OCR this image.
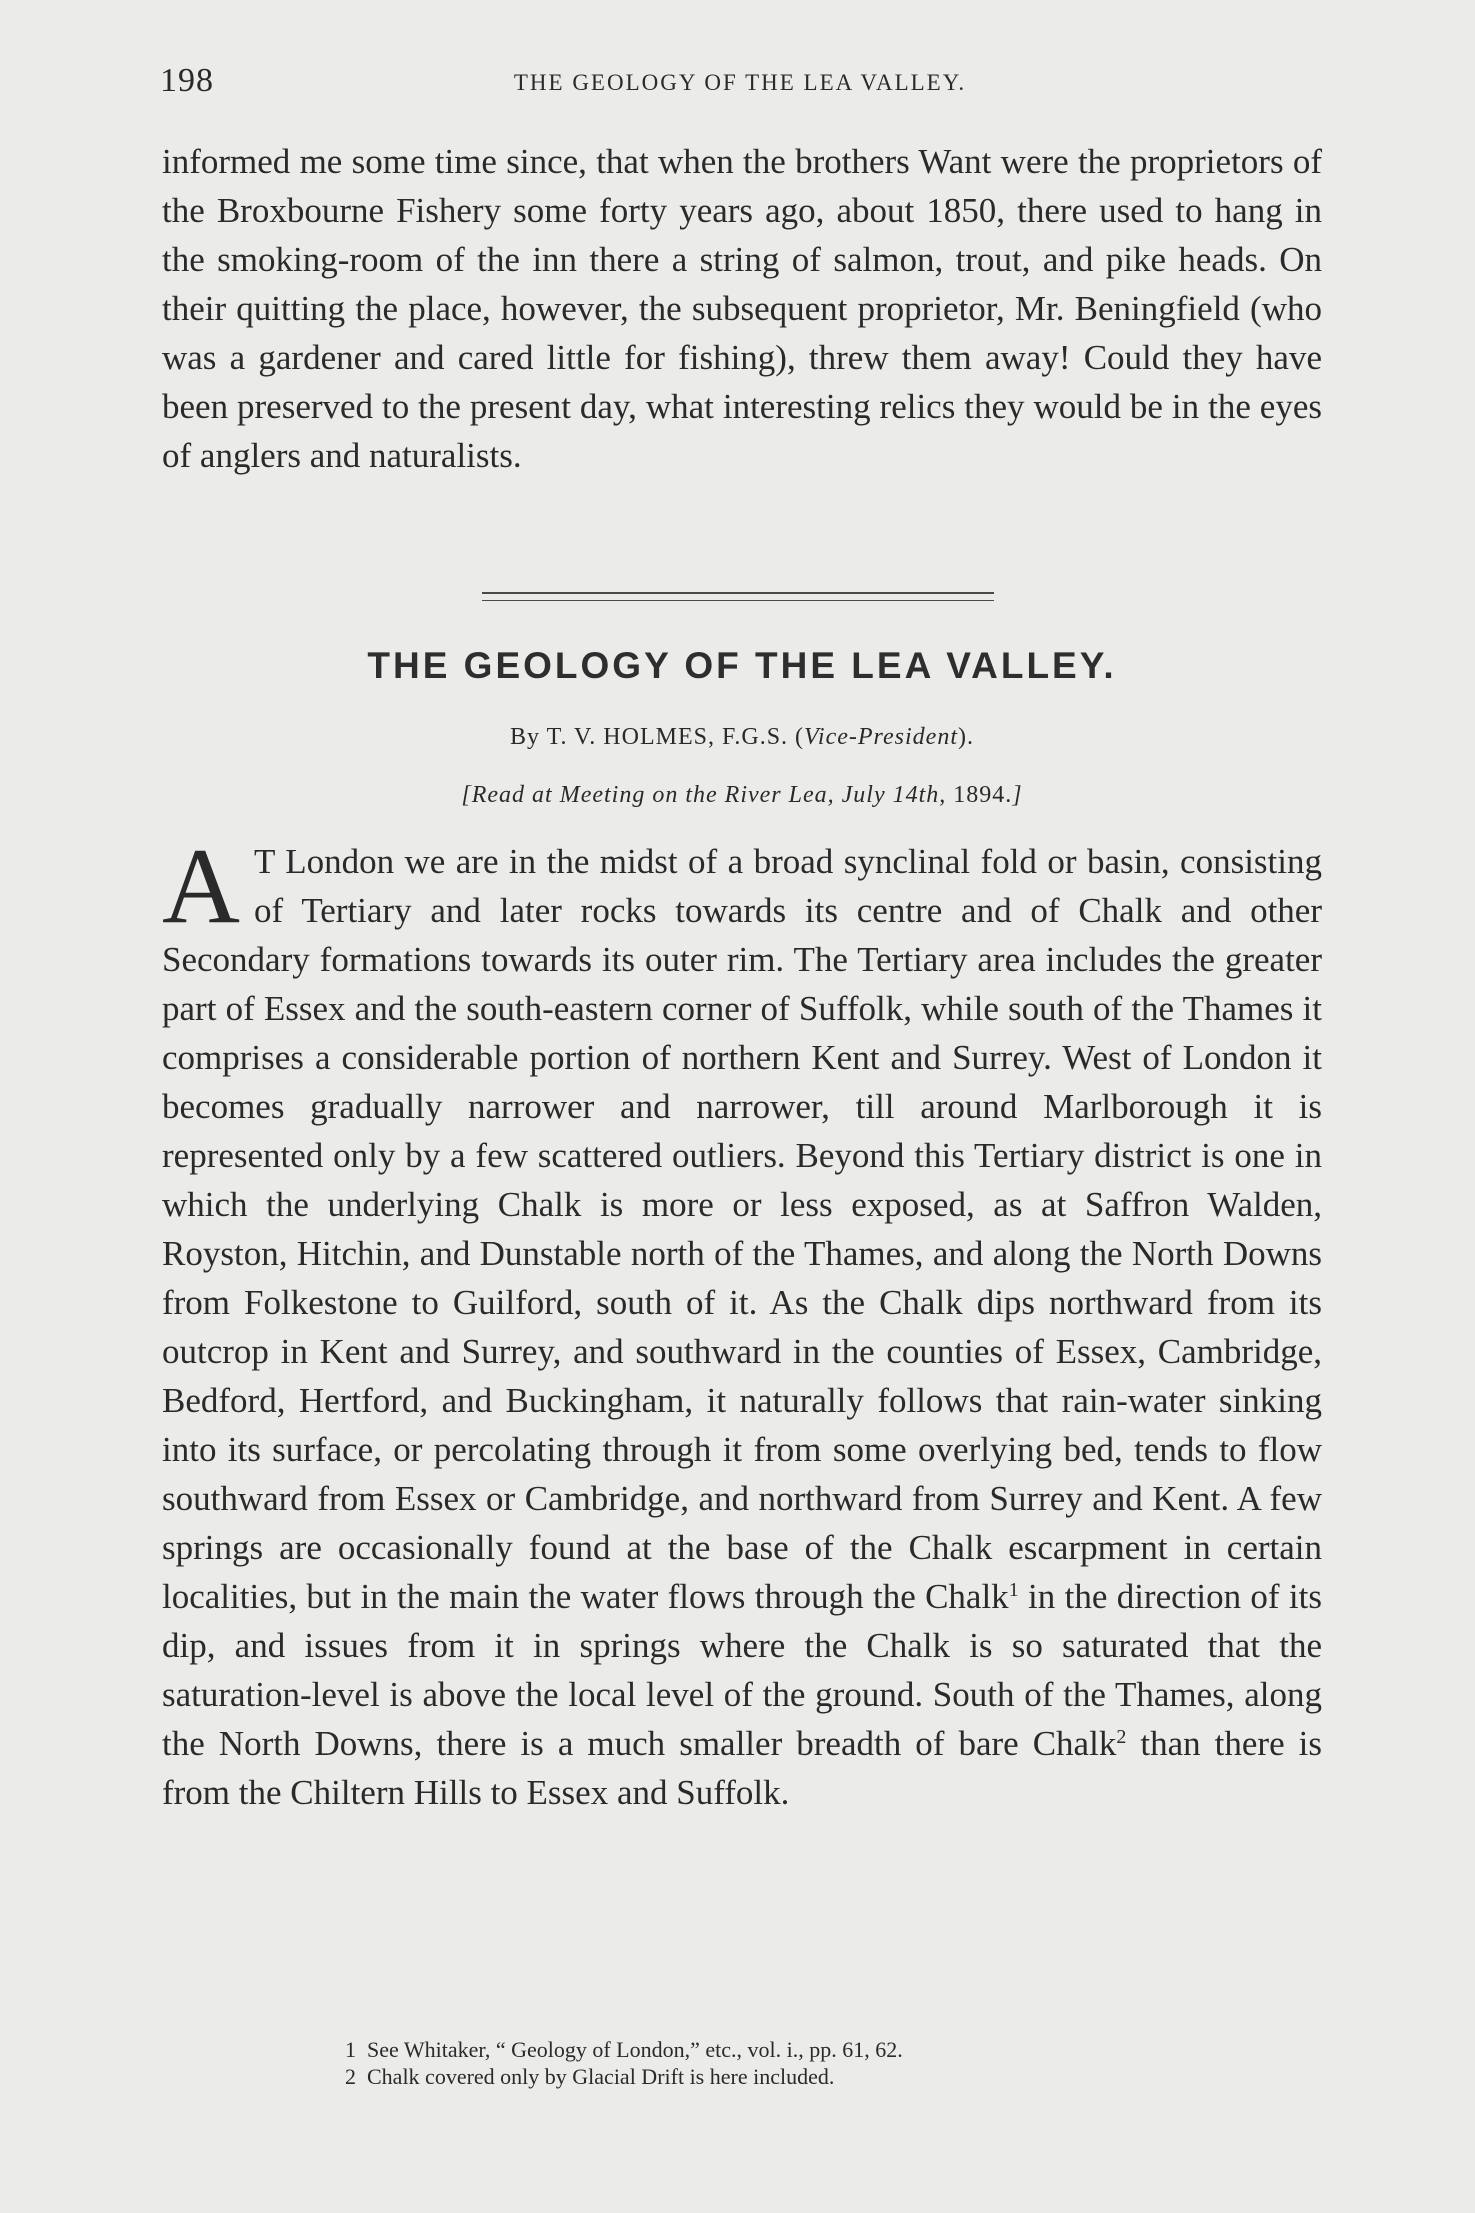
198	THE GEOLOGY OF THE LEA VALLEY.

informed me some time since, that when the brothers Want were the proprietors of the Broxbourne Fishery some forty years ago, about 1850, there used to hang in the smoking-room of the inn there a string of salmon, trout, and pike heads. On their quitting the place, however, the subsequent proprietor, Mr. Beningfield (who was a gardener and cared little for fishing), threw them away! Could they have been preserved to the present day, what interesting relics they would be in the eyes of anglers and naturalists.

THE GEOLOGY OF THE LEA VALLEY.
By T. V. HOLMES, F.G.S. (Vice-President).
[Read at Meeting on the River Lea, July 14th, 1894.]

A T London we are in the midst of a broad synclinal fold or basin, consisting of Tertiary and later rocks towards its centre and of Chalk and other Secondary formations towards its outer rim. The Tertiary area includes the greater part of Essex and the south-eastern corner of Suffolk, while south of the Thames it comprises a considerable portion of northern Kent and Surrey. West of London it becomes gradually narrower and narrower, till around Marlborough it is represented only by a few scattered outliers. Beyond this Tertiary district is one in which the underlying Chalk is more or less exposed, as at Saffron Walden, Royston, Hitchin, and Dunstable north of the Thames, and along the North Downs from Folkestone to Guilford, south of it. As the Chalk dips northward from its outcrop in Kent and Surrey, and southward in the counties of Essex, Cambridge, Bedford, Hertford, and Buckingham, it naturally follows that rain-water sinking into its surface, or percolating through it from some overlying bed, tends to flow southward from Essex or Cambridge, and northward from Surrey and Kent. A few springs are occasionally found at the base of the Chalk escarpment in certain localities, but in the main the water flows through the Chalk$^1$ in the direction of its dip, and issues from it in springs where the Chalk is so saturated that the saturation-level is above the local level of the ground. South of the Thames, along the North Downs, there is a much smaller breadth of bare Chalk$^2$ than there is from the Chiltern Hills to Essex and Suffolk.

1 See Whitaker, “ Geology of London,” etc., vol. i., pp. 61, 62.

2 Chalk covered only by Glacial Drift is here included.
